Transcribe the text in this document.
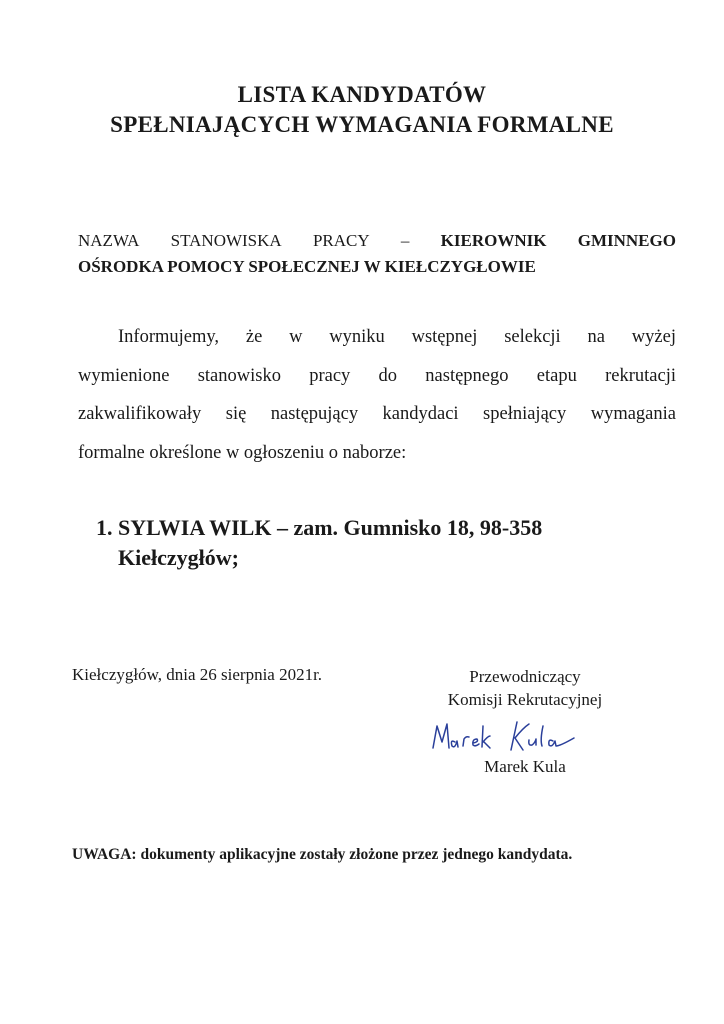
LISTA KANDYDATÓW
SPEŁNIAJĄCYCH WYMAGANIA FORMALNE
NAZWA STANOWISKA PRACY – KIEROWNIK GMINNEGO
OŚRODKA POMOCY SPOŁECZNEJ W KIEŁCZYGŁOWIE
Informujemy, że w wyniku wstępnej selekcji na wyżej
wymienione stanowisko pracy do następnego etapu rekrutacji
zakwalifikowały się następujący kandydaci spełniający wymagania
formalne określone w ogłoszeniu o naborze:
1. SYLWIA WILK – zam. Gumnisko 18, 98-358
Kiełczygłów;
Kiełczygłów, dnia 26 sierpnia 2021r.	Przewodniczący
Komisji Rekrutacyjnej
Marek Kula
UWAGA: dokumenty aplikacyjne zostały złożone przez jednego kandydata.
